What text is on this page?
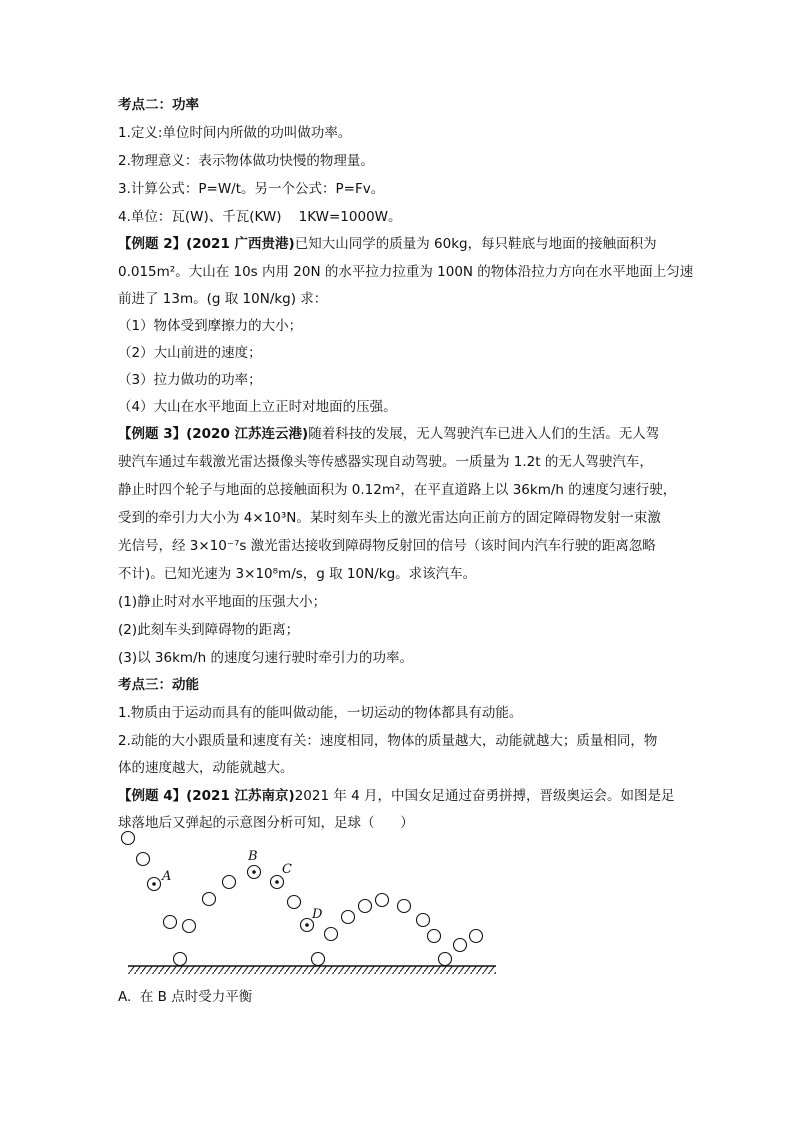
考点二：功率
1.定义:单位时间内所做的功叫做功率。
2.物理意义：表示物体做功快慢的物理量。
3.计算公式：P=W/t。另一个公式：P=Fv。
4.单位：瓦(W)、千瓦(KW)    1KW=1000W。
【例题 2】(2021 广西贵港)已知大山同学的质量为 60kg，每只鞋底与地面的接触面积为
0.015m²。大山在 10s 内用 20N 的水平拉力拉重为 100N 的物体沿拉力方向在水平地面上匀速
前进了 13m。(g 取 10N/kg) 求：
（1）物体受到摩擦力的大小；
（2）大山前进的速度；
（3）拉力做功的功率；
（4）大山在水平地面上立正时对地面的压强。
【例题 3】(2020 江苏连云港)随着科技的发展，无人驾驶汽车已进入人们的生活。无人驾
驶汽车通过车载激光雷达摄像头等传感器实现自动驾驶。一质量为 1.2t 的无人驾驶汽车，
静止时四个轮子与地面的总接触面积为 0.12m²，在平直道路上以 36km/h 的速度匀速行驶，
受到的牵引力大小为 4×10³N。某时刻车头上的激光雷达向正前方的固定障碍物发射一束激
光信号，经 3×10⁻⁷s 激光雷达接收到障碍物反射回的信号（该时间内汽车行驶的距离忽略
不计)。已知光速为 3×10⁸m/s，g 取 10N/kg。求该汽车。
(1)静止时对水平地面的压强大小；
(2)此刻车头到障碍物的距离；
(3)以 36km/h 的速度匀速行驶时牵引力的功率。
考点三：动能
1.物质由于运动而具有的能叫做动能，一切运动的物体都具有动能。
2.动能的大小跟质量和速度有关：速度相同，物体的质量越大，动能就越大；质量相同，物
体的速度越大，动能就越大。
【例题 4】(2021 江苏南京)2021 年 4 月，中国女足通过奋勇拼搏，晋级奥运会。如图是足
球落地后又弹起的示意图分析可知，足球（      ）
A
B
C
D
A.  在 B 点时受力平衡
